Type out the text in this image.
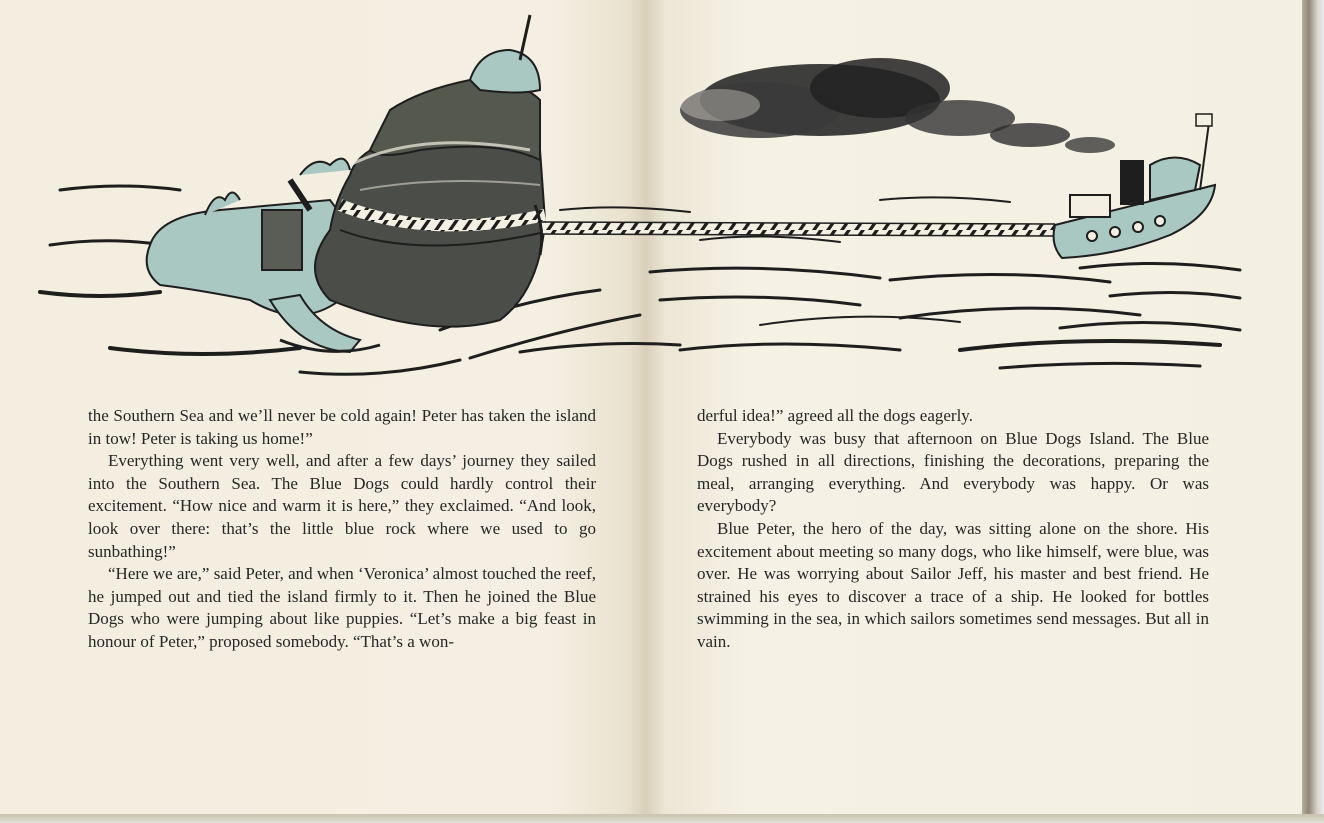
the Southern Sea and we’ll never be cold again! Peter has taken the island in tow! Peter is taking us home!”

Everything went very well, and after a few days’ journey they sailed into the Southern Sea. The Blue Dogs could hardly control their excitement. “How nice and warm it is here,” they exclaimed. “And look, look over there: that’s the little blue rock where we used to go sunbathing!”

“Here we are,” said Peter, and when ‘Veronica’ almost touched the reef, he jumped out and tied the island firmly to it. Then he joined the Blue Dogs who were jumping about like puppies. “Let’s make a big feast in honour of Peter,” proposed somebody. “That’s a won-

derful idea!” agreed all the dogs eagerly.

Everybody was busy that afternoon on Blue Dogs Island. The Blue Dogs rushed in all directions, finishing the decorations, preparing the meal, arranging everything. And everybody was happy. Or was everybody?

Blue Peter, the hero of the day, was sitting alone on the shore. His excitement about meeting so many dogs, who like himself, were blue, was over. He was worrying about Sailor Jeff, his master and best friend. He strained his eyes to discover a trace of a ship. He looked for bottles swimming in the sea, in which sailors sometimes send messages. But all in vain.
